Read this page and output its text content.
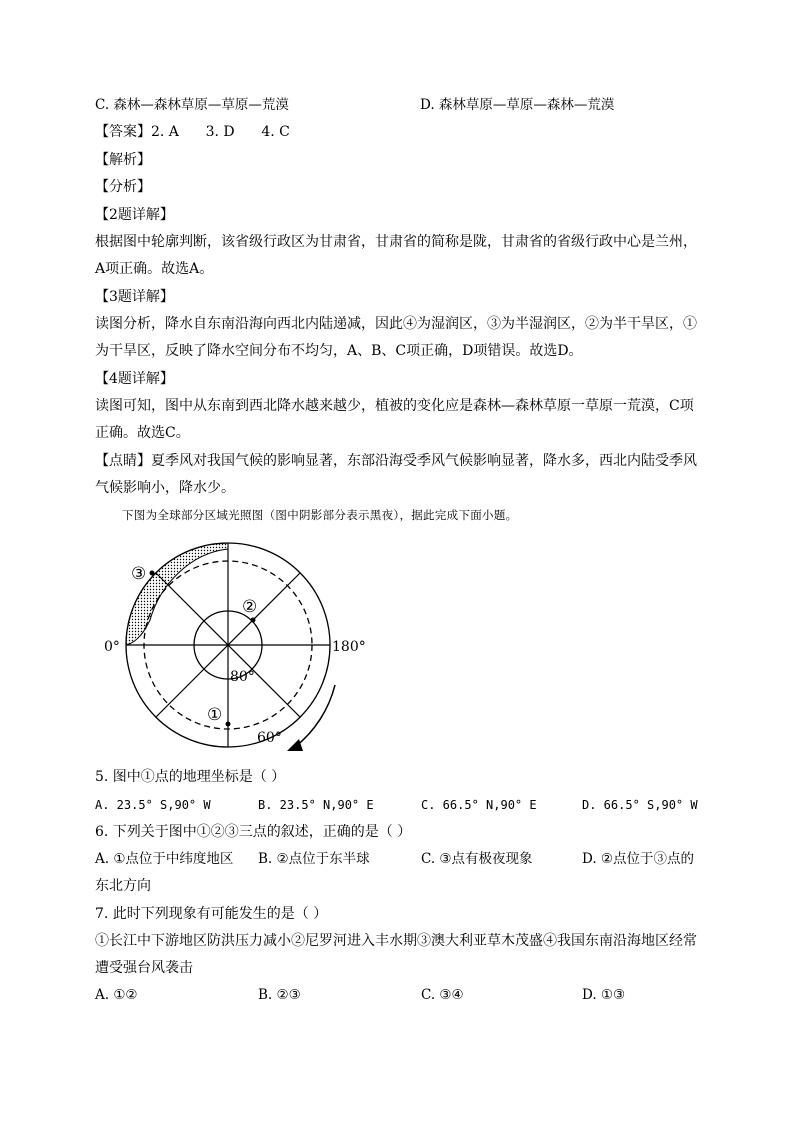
C. 森林—森林草原—草原—荒漠	D. 森林草原—草原—森林—荒漠
【答案】2. A      3. D      4. C
【解析】
【分析】
【2题详解】
根据图中轮廓判断，该省级行政区为甘肃省，甘肃省的简称是陇，甘肃省的省级行政中心是兰州，
A项正确。故选A。
【3题详解】
读图分析，降水自东南沿海向西北内陆递减，因此④为湿润区，③为半湿润区，②为半干旱区，①
为干旱区，反映了降水空间分布不均匀，A、B、C项正确，D项错误。故选D。
【4题详解】
读图可知，图中从东南到西北降水越来越少，植被的变化应是森林—森林草原一草原一荒漠，C项
正确。故选C。
【点睛】夏季风对我国气候的影响显著，东部沿海受季风气候影响显著，降水多，西北内陆受季风
气候影响小，降水少。
下图为全球部分区域光照图（图中阴影部分表示黑夜），据此完成下面小题。
③
②
①
0°	180°
80°
60°
5. 图中①点的地理坐标是（ ）
A. 23.5° S,90° W	B. 23.5° N,90° E	C. 66.5° N,90° E	D. 66.5° S,90° W
6. 下列关于图中①②③三点的叙述，正确的是（ ）
A. ①点位于中纬度地区 B. ②点位于东半球	C. ③点有极夜现象	D. ②点位于③点的
东北方向
7. 此时下列现象有可能发生的是（ ）
①长江中下游地区防洪压力减小②尼罗河进入丰水期③澳大利亚草木茂盛④我国东南沿海地区经常
遭受强台风袭击
A. ①②	B. ②③	C. ③④	D. ①③
